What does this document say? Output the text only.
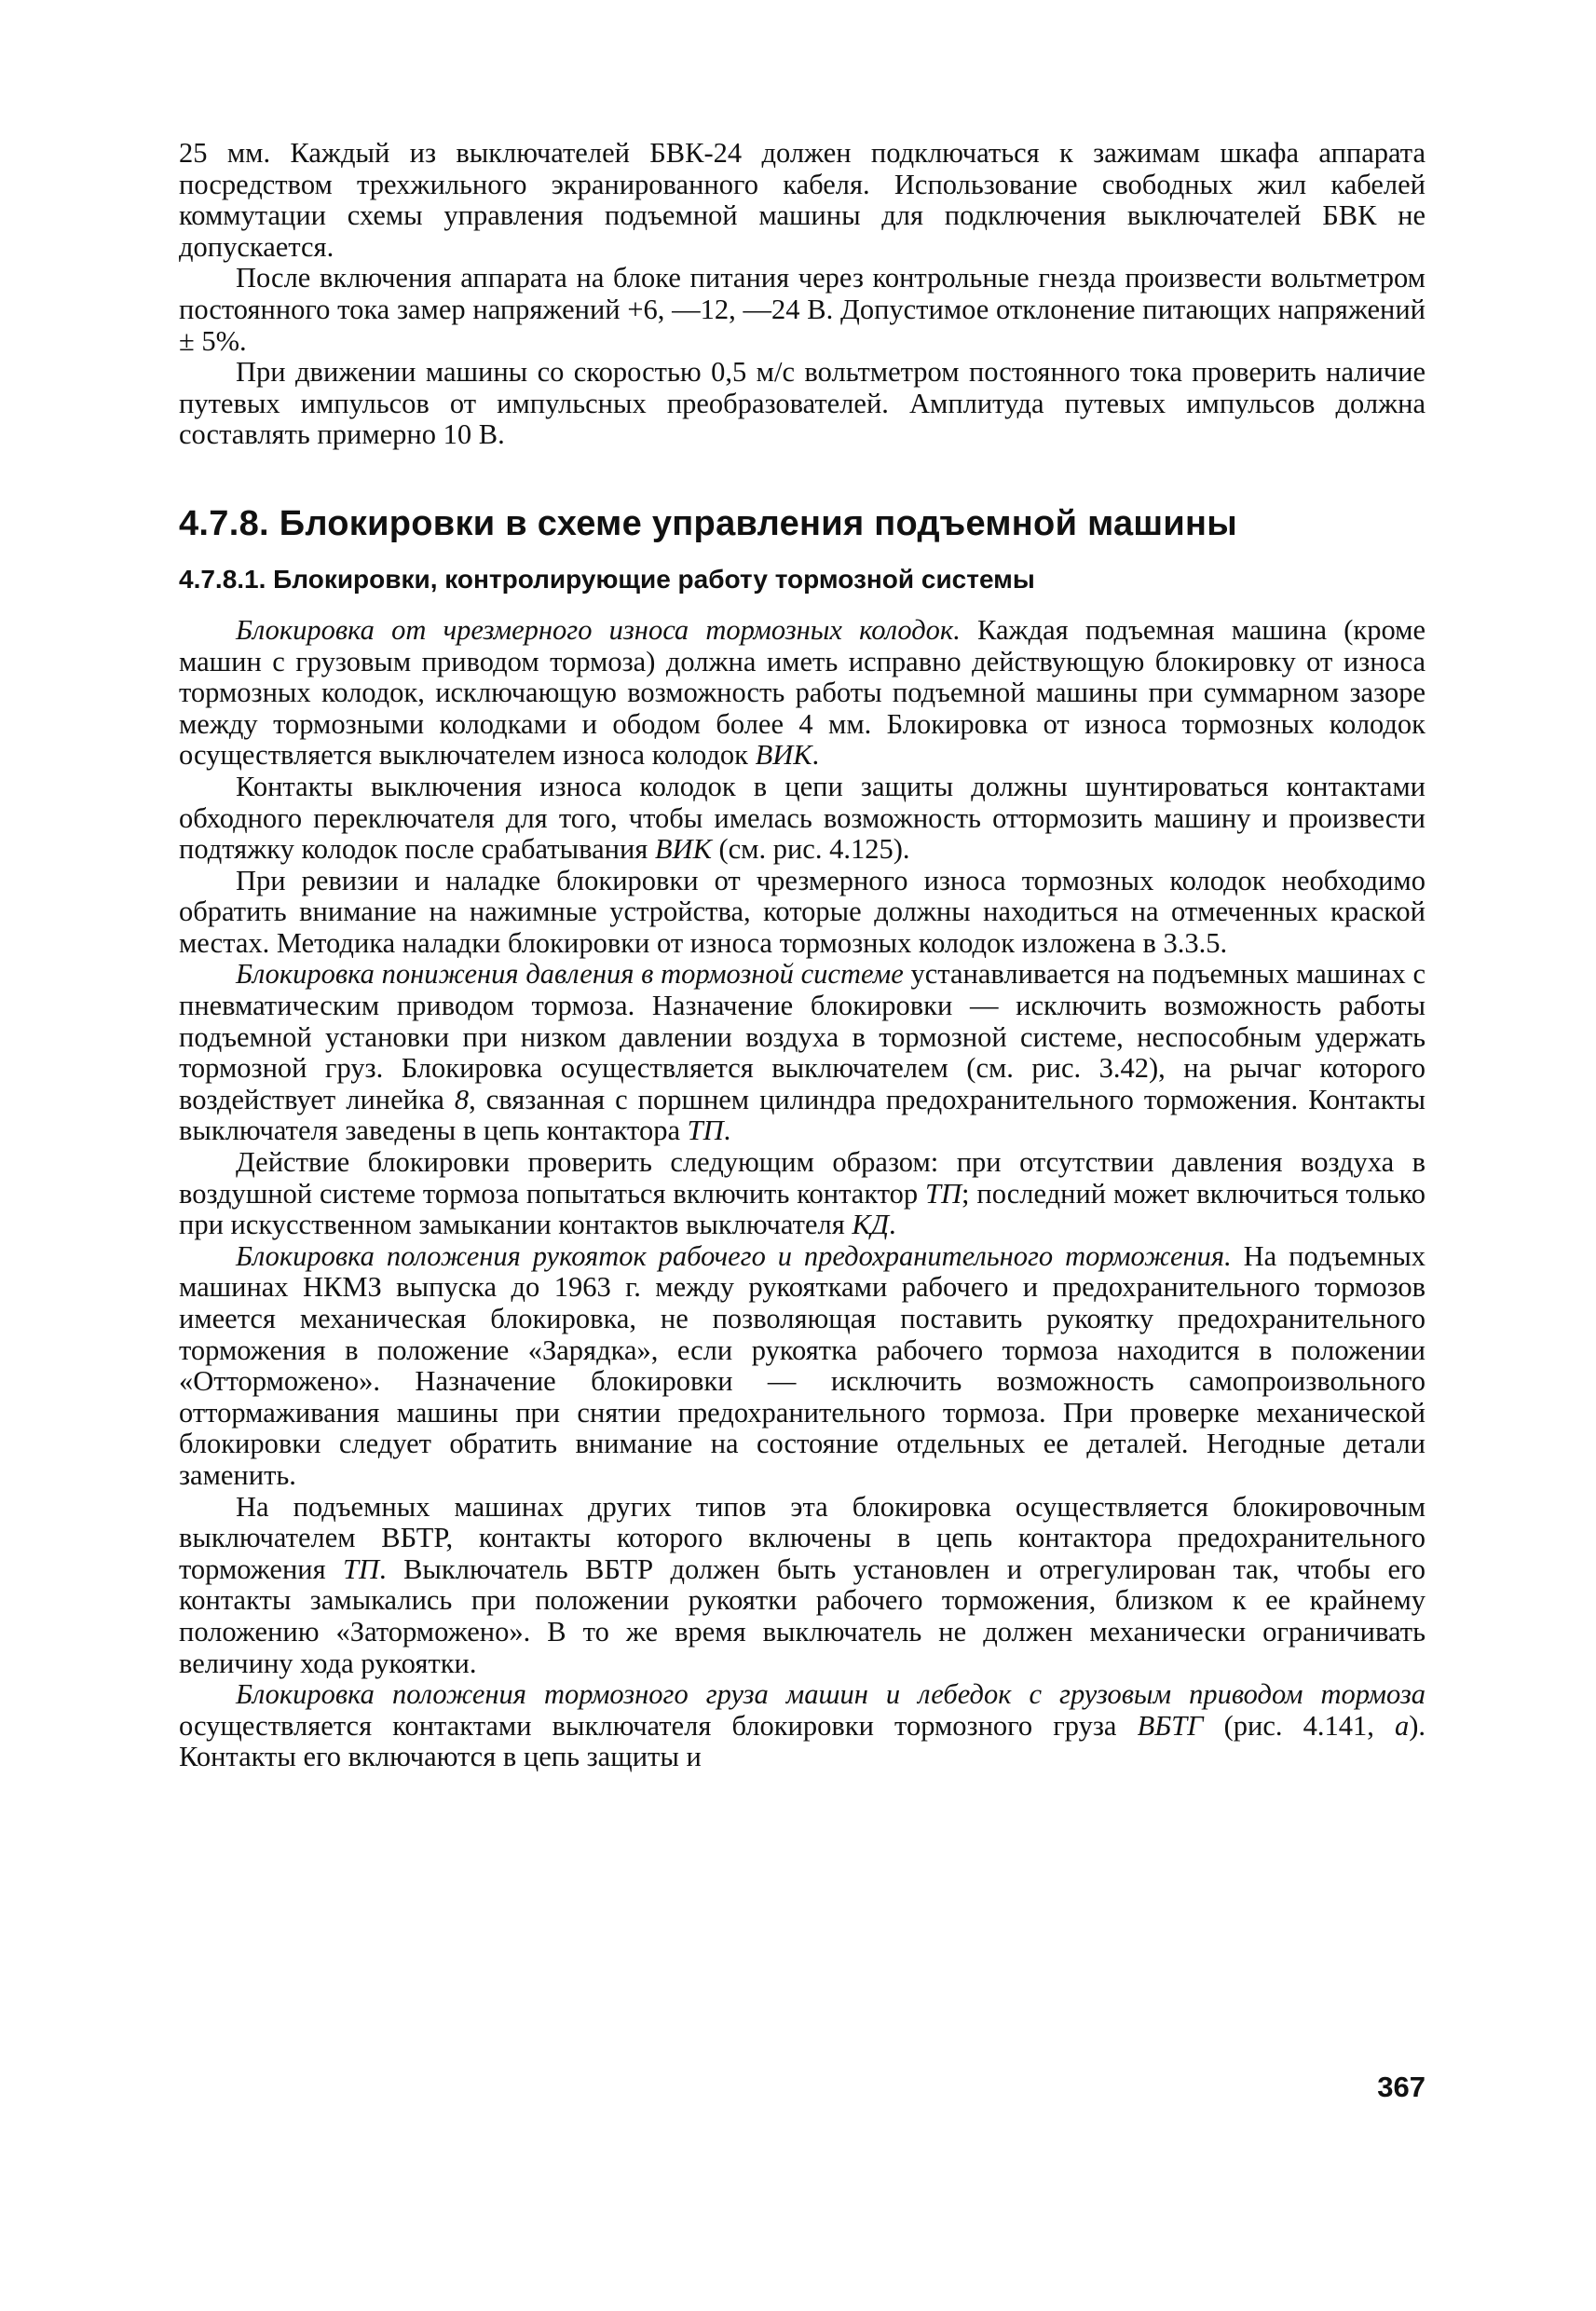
25 мм. Каждый из выключателей БВК-24 должен подключаться к зажимам шкафа аппарата посредством трехжильного экранированного кабеля. Использование свободных жил кабелей коммутации схемы управления подъемной машины для подключения выключателей БВК не допускается.

После включения аппарата на блоке питания через контрольные гнезда произвести вольтметром постоянного тока замер напряжений +6, —12, —24 В. Допустимое отклонение питающих напряжений ± 5%.

При движении машины со скоростью 0,5 м/с вольтметром постоянного тока проверить наличие путевых импульсов от импульсных преобразователей. Амплитуда путевых импульсов должна составлять примерно 10 В.

4.7.8. Блокировки в схеме управления подъемной машины
4.7.8.1. Блокировки, контролирующие работу тормозной системы

Блокировка от чрезмерного износа тормозных колодок. Каждая подъемная машина (кроме машин с грузовым приводом тормоза) должна иметь исправно действующую блокировку от износа тормозных колодок, исключающую возможность работы подъемной машины при суммарном зазоре между тормозными колодками и ободом более 4 мм. Блокировка от износа тормозных колодок осуществляется выключателем износа колодок ВИК.

Контакты выключения износа колодок в цепи защиты должны шунтироваться контактами обходного переключателя для того, чтобы имелась возможность оттормозить машину и произвести подтяжку колодок после срабатывания ВИК (см. рис. 4.125).

При ревизии и наладке блокировки от чрезмерного износа тормозных колодок необходимо обратить внимание на нажимные устройства, которые должны находиться на отмеченных краской местах. Методика наладки блокировки от износа тормозных колодок изложена в 3.3.5.

Блокировка понижения давления в тормозной системе устанавливается на подъемных машинах с пневматическим приводом тормоза. Назначение блокировки — исключить возможность работы подъемной установки при низком давлении воздуха в тормозной системе, неспособным удержать тормозной груз. Блокировка осуществляется выключателем (см. рис. 3.42), на рычаг которого воздействует линейка 8, связанная с поршнем цилиндра предохранительного торможения. Контакты выключателя заведены в цепь контактора ТП.

Действие блокировки проверить следующим образом: при отсутствии давления воздуха в воздушной системе тормоза попытаться включить контактор ТП; последний может включиться только при искусственном замыкании контактов выключателя КД.

Блокировка положения рукояток рабочего и предохранительного торможения. На подъемных машинах НКМЗ выпуска до 1963 г. между рукоятками рабочего и предохранительного тормозов имеется механическая блокировка, не позволяющая поставить рукоятку предохранительного торможения в положение «Зарядка», если рукоятка рабочего тормоза находится в положении «Отторможено». Назначение блокировки — исключить возможность самопроизвольного оттормаживания машины при снятии предохранительного тормоза. При проверке механической блокировки следует обратить внимание на состояние отдельных ее деталей. Негодные детали заменить.

На подъемных машинах других типов эта блокировка осуществляется блокировочным выключателем ВБТР, контакты которого включены в цепь контактора предохранительного торможения ТП. Выключатель ВБТР должен быть установлен и отрегулирован так, чтобы его контакты замыкались при положении рукоятки рабочего торможения, близком к ее крайнему положению «Заторможено». В то же время выключатель не должен механически ограничивать величину хода рукоятки.

Блокировка положения тормозного груза машин и лебедок с грузовым приводом тормоза осуществляется контактами выключателя блокировки тормозного груза ВБТГ (рис. 4.141, а). Контакты его включаются в цепь защиты и

367
